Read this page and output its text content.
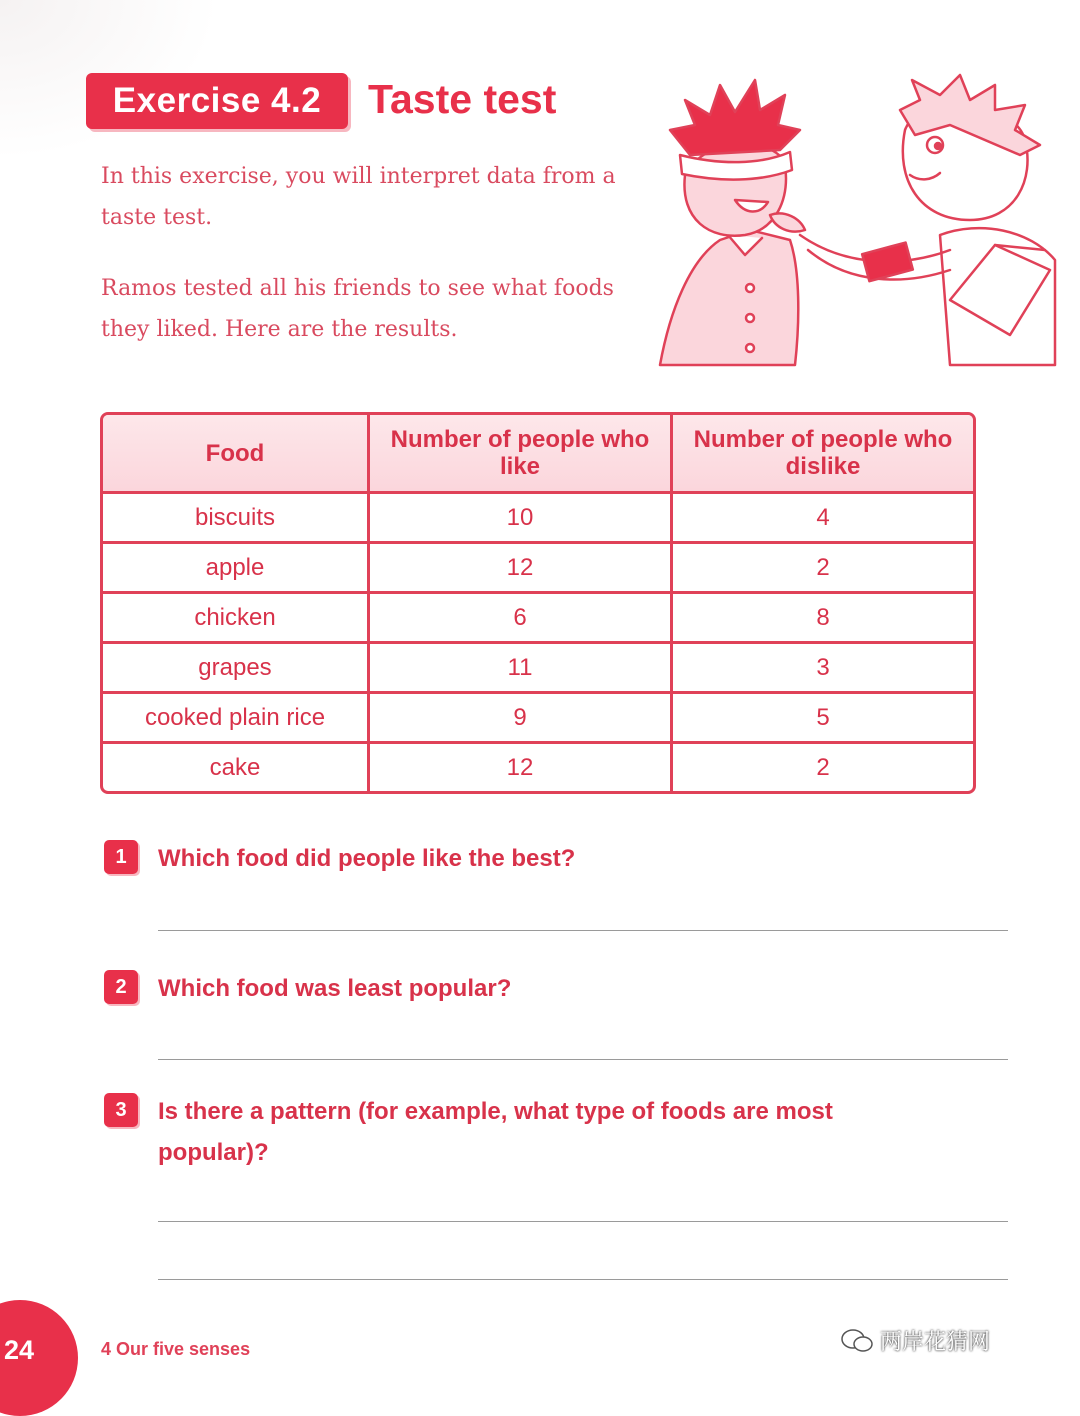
Exercise 4.2 Taste test

In this exercise, you will interpret data from a taste test.

Ramos tested all his friends to see what foods they liked. Here are the results.

Food	Number of people who like	Number of people who dislike
biscuits	10	4
apple	12	2
chicken	6	8
grapes	11	3
cooked plain rice	9	5
cake	12	2
1	Which food did people like the best?
2	Which food was least popular?
3	Is there a pattern (for example, what type of foods are most popular)?
24	4 Our five senses	两岸花猜网
